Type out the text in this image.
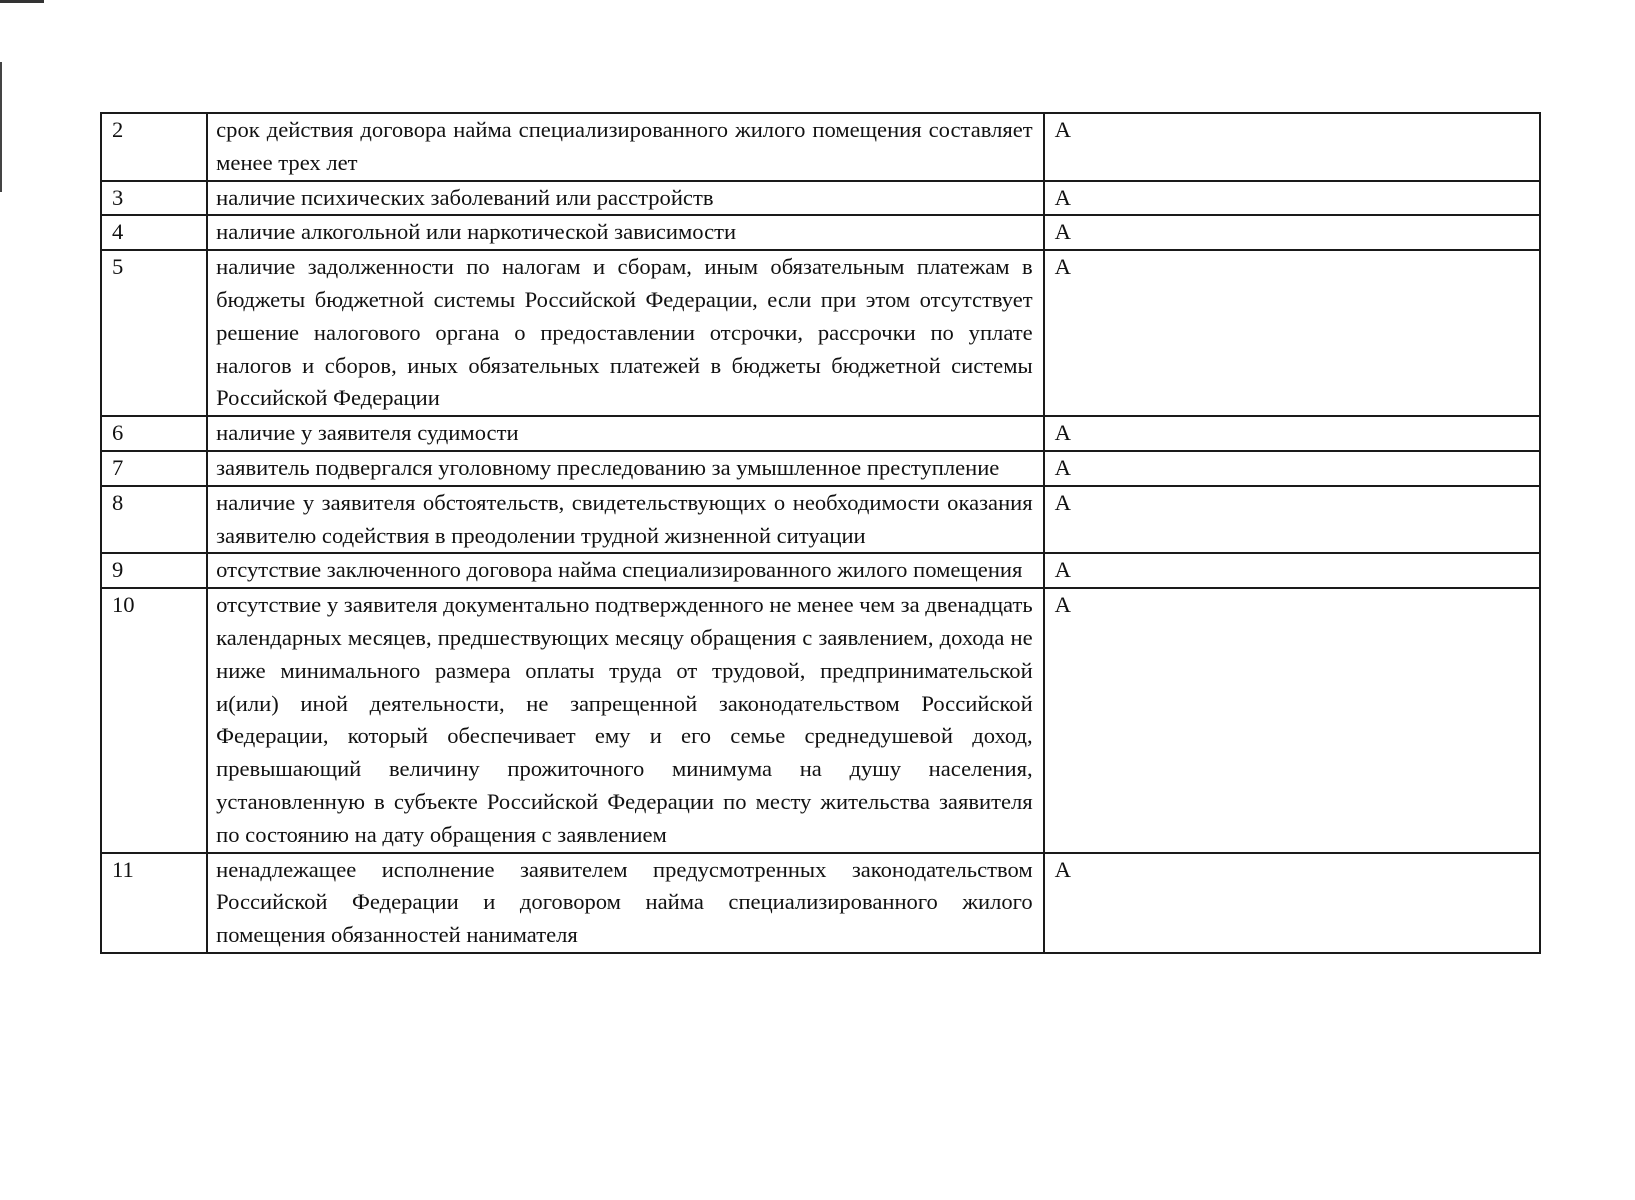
2	срок действия договора найма специализированного жилого помещения составляет менее трех лет	А
3	наличие психических заболеваний или расстройств	А
4	наличие алкогольной или наркотической зависимости	А
5	наличие задолженности по налогам и сборам, иным обязательным платежам в бюджеты бюджетной системы Российской Федерации, если при этом отсутствует решение налогового органа о предоставлении отсрочки, рассрочки по уплате налогов и сборов, иных обязательных платежей в бюджеты бюджетной системы Российской Федерации	А
6	наличие у заявителя судимости	А
7	заявитель подвергался уголовному преследованию за умышленное преступление	А
8	наличие у заявителя обстоятельств, свидетельствующих о необходимости оказания заявителю содействия в преодолении трудной жизненной ситуации	А
9	отсутствие заключенного договора найма специализированного жилого помещения	А
10	отсутствие у заявителя документально подтвержденного не менее чем за двенадцать календарных месяцев, предшествующих месяцу обращения с заявлением, дохода не ниже минимального размера оплаты труда от трудовой, предпринимательской и(или) иной деятельности, не запрещенной законодательством Российской Федерации, который обеспечивает ему и его семье среднедушевой доход, превышающий величину прожиточного минимума на душу населения, установленную в субъекте Российской Федерации по месту жительства заявителя по состоянию на дату обращения с заявлением	А
11	ненадлежащее исполнение заявителем предусмотренных законодательством Российской Федерации и договором найма специализированного жилого помещения обязанностей нанимателя	А
